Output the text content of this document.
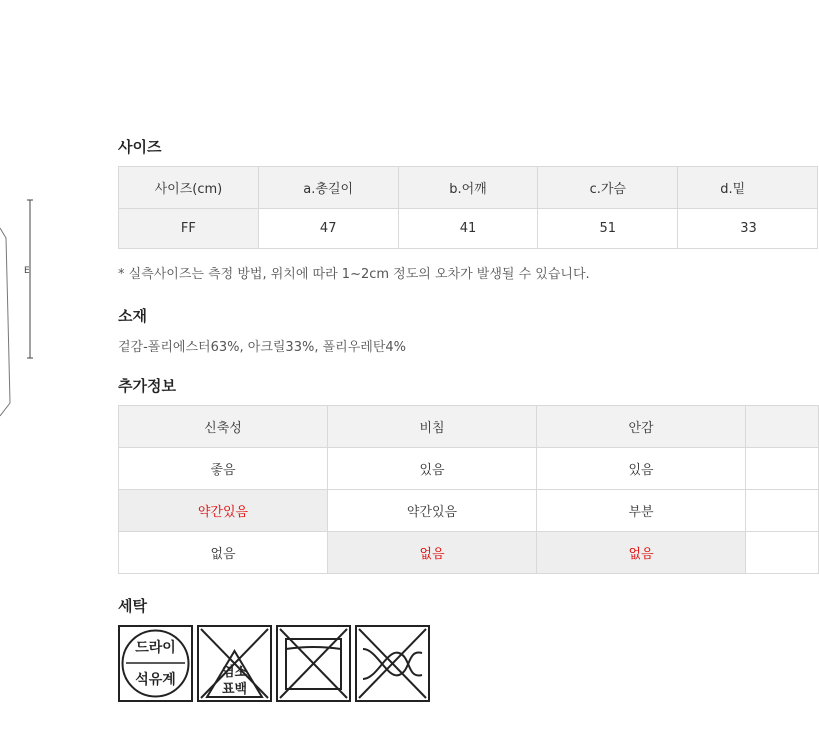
E
사이즈
사이즈(cm)	a.총길이	b.어깨	c.가슴	d.밑
FF	47	41	51	33
* 실측사이즈는 측정 방법, 위치에 따라 1~2cm 정도의 오차가 발생될 수 있습니다.
소재
겉감-폴리에스터63%, 아크릴33%, 폴리우레탄4%
추가정보
신축성	비침	안감	
좋음	있음	있음	
약간있음	약간있음	부분	
없음	없음	없음	
세탁
드라이
석유계	염소
표백
